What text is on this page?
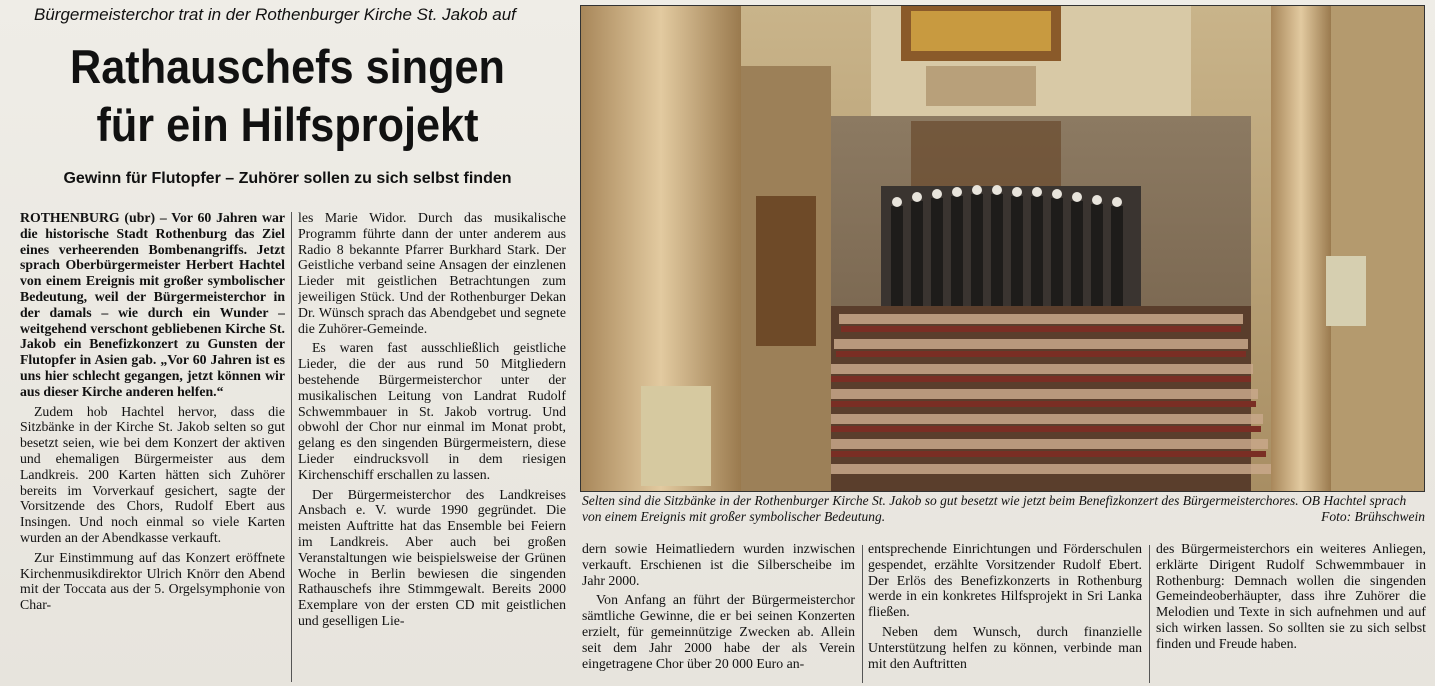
Bürgermeisterchor trat in der Rothenburger Kirche St. Jakob auf
Rathauschefs singen
für ein Hilfsprojekt
Gewinn für Flutopfer – Zuhörer sollen zu sich selbst finden

ROTHENBURG (ubr) – Vor 60 Jahren war die historische Stadt Rothenburg das Ziel eines verheerenden Bombenangriffs. Jetzt sprach Oberbürgermeister Herbert Hachtel von einem Ereignis mit großer symbolischer Bedeutung, weil der Bürgermeisterchor in der damals – wie durch ein Wunder – weitgehend verschont gebliebenen Kirche St. Jakob ein Benefizkonzert zu Gunsten der Flutopfer in Asien gab. „Vor 60 Jahren ist es uns hier schlecht gegangen, jetzt können wir aus dieser Kirche anderen helfen.“

Zudem hob Hachtel hervor, dass die Sitzbänke in der Kirche St. Jakob selten so gut besetzt seien, wie bei dem Konzert der aktiven und ehemaligen Bürgermeister aus dem Landkreis. 200 Karten hätten sich Zuhörer bereits im Vorverkauf gesichert, sagte der Vorsitzende des Chors, Rudolf Ebert aus Insingen. Und noch einmal so viele Karten wurden an der Abendkasse verkauft.

Zur Einstimmung auf das Konzert eröffnete Kirchenmusikdirektor Ulrich Knörr den Abend mit der Toccata aus der 5. Orgelsymphonie von Char-

les Marie Widor. Durch das musikalische Programm führte dann der unter anderem aus Radio 8 bekannte Pfarrer Burkhard Stark. Der Geistliche verband seine Ansagen der einzlenen Lieder mit geistlichen Betrachtungen zum jeweiligen Stück. Und der Rothenburger Dekan Dr. Wünsch sprach das Abendgebet und segnete die Zuhörer-Gemeinde.

Es waren fast ausschließlich geistliche Lieder, die der aus rund 50 Mitgliedern bestehende Bürgermeisterchor unter der musikalischen Leitung von Landrat Rudolf Schwemmbauer in St. Jakob vortrug. Und obwohl der Chor nur einmal im Monat probt, gelang es den singenden Bürgermeistern, diese Lieder eindrucksvoll in dem riesigen Kirchenschiff erschallen zu lassen.

Der Bürgermeisterchor des Landkreises Ansbach e. V. wurde 1990 gegründet. Die meisten Auftritte hat das Ensemble bei Feiern im Landkreis. Aber auch bei großen Veranstaltungen wie beispielsweise der Grünen Woche in Berlin bewiesen die singenden Rathauschefs ihre Stimmgewalt. Bereits 2000 Exemplare von der ersten CD mit geistlichen und geselligen Lie-

Selten sind die Sitzbänke in der Rothenburger Kirche St. Jakob so gut besetzt wie jetzt beim Benefizkonzert des Bürgermeisterchores. OB Hachtel sprach von einem Ereignis mit großer symbolischer Bedeutung.	Foto: Brühschwein

dern sowie Heimatliedern wurden inzwischen verkauft. Erschienen ist die Silberscheibe im Jahr 2000.

Von Anfang an führt der Bürgermeisterchor sämtliche Gewinne, die er bei seinen Konzerten erzielt, für gemeinnützige Zwecken ab. Allein seit dem Jahr 2000 habe der als Verein eingetragene Chor über 20 000 Euro an-

entsprechende Einrichtungen und Förderschulen gespendet, erzählte Vorsitzender Rudolf Ebert. Der Erlös des Benefizkonzerts in Rothenburg werde in ein konkretes Hilfsprojekt in Sri Lanka fließen.

Neben dem Wunsch, durch finanzielle Unterstützung helfen zu können, verbinde man mit den Auftritten

des Bürgermeisterchors ein weiteres Anliegen, erklärte Dirigent Rudolf Schwemmbauer in Rothenburg: Demnach wollen die singenden Gemeindeoberhäupter, dass ihre Zuhörer die Melodien und Texte in sich aufnehmen und auf sich wirken lassen. So sollten sie zu sich selbst finden und Freude haben.
